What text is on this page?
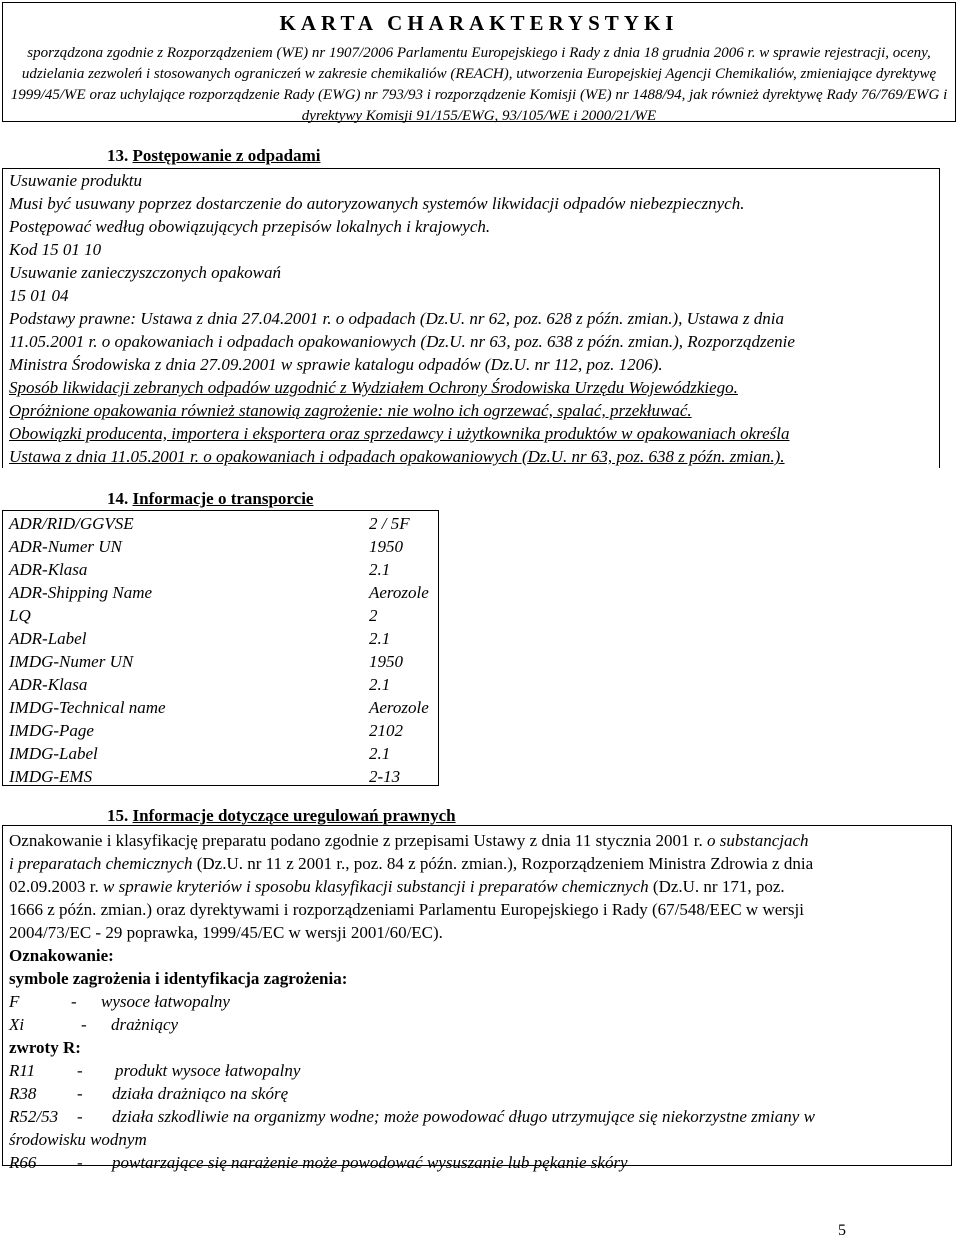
KARTA CHARAKTERYSTYKI
sporządzona zgodnie z Rozporządzeniem (WE) nr 1907/2006 Parlamentu Europejskiego i Rady z dnia 18 grudnia 2006 r. w sprawie rejestracji, oceny, udzielania zezwoleń i stosowanych ograniczeń w zakresie chemikaliów (REACH), utworzenia Europejskiej Agencji Chemikaliów, zmieniające dyrektywę 1999/45/WE oraz uchylające rozporządzenie Rady (EWG) nr 793/93 i rozporządzenie Komisji (WE) nr 1488/94, jak również dyrektywę Rady 76/769/EWG i dyrektywy Komisji 91/155/EWG, 93/105/WE i 2000/21/WE
13. Postępowanie z odpadami
Usuwanie produktu
Musi być usuwany poprzez dostarczenie do autoryzowanych systemów likwidacji odpadów niebezpiecznych.
Postępować według obowiązujących przepisów lokalnych i krajowych.
Kod 15 01 10
Usuwanie zanieczyszczonych opakowań
15 01 04
Podstawy prawne: Ustawa z dnia 27.04.2001 r. o odpadach (Dz.U. nr 62, poz. 628 z późn. zmian.), Ustawa z dnia
11.05.2001 r. o opakowaniach i odpadach opakowaniowych (Dz.U. nr 63, poz. 638 z późn. zmian.), Rozporządzenie
Ministra Środowiska z dnia 27.09.2001 w sprawie katalogu odpadów (Dz.U. nr 112, poz. 1206).
Sposób likwidacji zebranych odpadów uzgodnić z Wydziałem Ochrony Środowiska Urzędu Wojewódzkiego.
Opróżnione opakowania również stanowią zagrożenie: nie wolno ich ogrzewać, spalać, przekłuwać.
Obowiązki producenta, importera i eksportera oraz sprzedawcy i użytkownika produktów w opakowaniach określa
Ustawa z dnia 11.05.2001 r. o opakowaniach i odpadach opakowaniowych (Dz.U. nr 63, poz. 638 z późn. zmian.).
14. Informacje o transporcie
ADR/RID/GGVSE	2 / 5F
ADR-Numer UN	1950
ADR-Klasa	2.1
ADR-Shipping Name	Aerozole
LQ	2
ADR-Label	2.1
IMDG-Numer UN	1950
ADR-Klasa	2.1
IMDG-Technical name	Aerozole
IMDG-Page	2102
IMDG-Label	2.1
IMDG-EMS	2-13
15. Informacje dotyczące uregulowań prawnych
Oznakowanie i klasyfikację preparatu podano zgodnie z przepisami Ustawy z dnia 11 stycznia 2001 r. o substancjach
i preparatach chemicznych (Dz.U. nr 11 z 2001 r., poz. 84 z późn. zmian.), Rozporządzeniem Ministra Zdrowia z dnia
02.09.2003 r. w sprawie kryteriów i sposobu klasyfikacji substancji i preparatów chemicznych (Dz.U. nr 171, poz.
1666 z późn. zmian.) oraz dyrektywami i rozporządzeniami Parlamentu Europejskiego i Rady (67/548/EEC w wersji
2004/73/EC - 29 poprawka, 1999/45/EC w wersji 2001/60/EC).
Oznakowanie:
symbole zagrożenia i identyfikacja zagrożenia:
F	- wysoce łatwopalny
Xi	- drażniący
zwroty R:
R11 - produkt wysoce łatwopalny
R38 - działa drażniąco na skórę
R52/53 - działa szkodliwie na organizmy wodne; może powodować długo utrzymujące się niekorzystne zmiany w
środowisku wodnym
R66 - powtarzające się narażenie może powodować wysuszanie lub pękanie skóry
5
